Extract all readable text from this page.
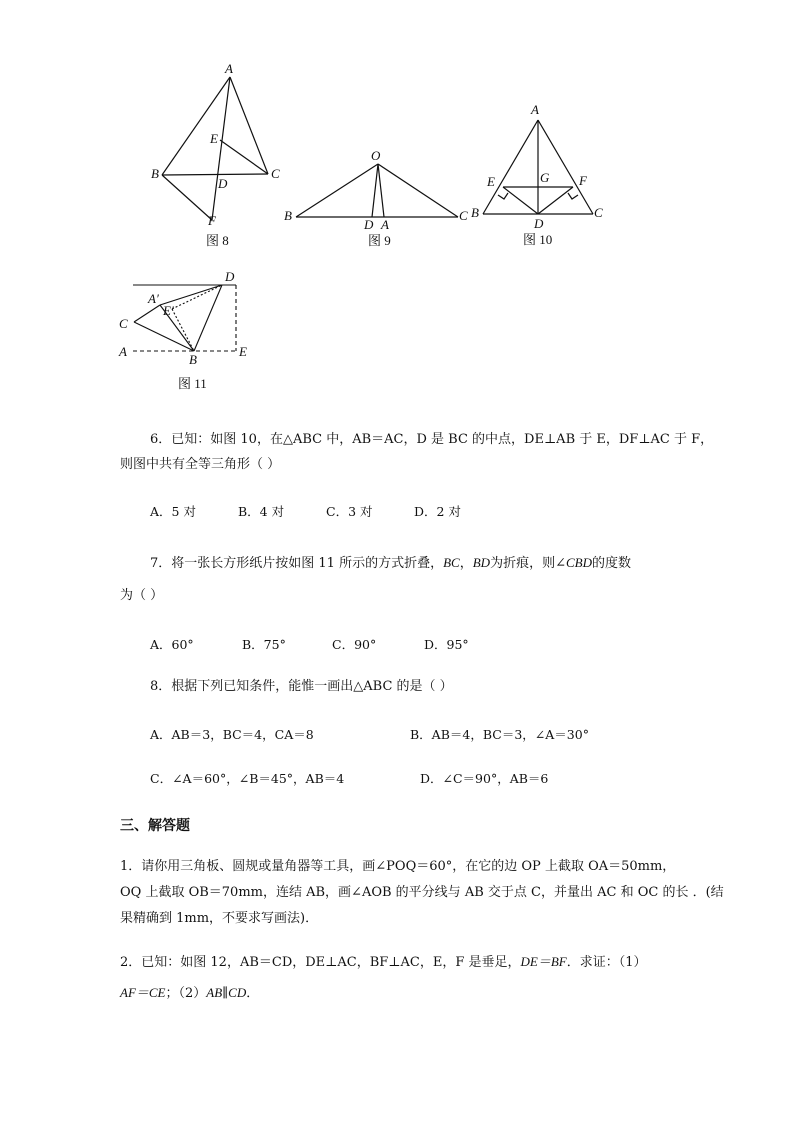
A
E
B	C
D
F
图 8
O
B
D A
C
图 9
A
E	G F
B
D
C
图 10
D
A′
E′
C
A
B
E
图 11
6．已知：如图 10，在△ABC 中，AB＝AC，D 是 BC 的中点，DE⊥AB 于 E，DF⊥AC 于 F，
则图中共有全等三角形（ ）
A．5 对	B．4 对	C．3 对	D．2 对
7．将一张长方形纸片按如图 11 所示的方式折叠，BC，BD为折痕，则∠CBD的度数
为（ ）
A．60°	B．75°	C．90°	D．95°
8．根据下列已知条件，能惟一画出△ABC 的是（ ）
A．AB＝3，BC＝4，CA＝8	B．AB＝4，BC＝3，∠A＝30°
C．∠A＝60°，∠B＝45°，AB＝4	D．∠C＝90°，AB＝6
三、解答题
1．请你用三角板、圆规或量角器等工具，画∠POQ＝60°，在它的边 OP 上截取 OA＝50mm，
OQ 上截取 OB＝70mm，连结 AB，画∠AOB 的平分线与 AB 交于点 C，并量出 AC 和 OC 的长 ．(结
果精确到 1mm，不要求写画法)．
2．已知：如图 12，AB＝CD，DE⊥AC，BF⊥AC，E，F 是垂足，DE＝BF．求证：（1）
AF＝CE；（2）AB∥CD．
